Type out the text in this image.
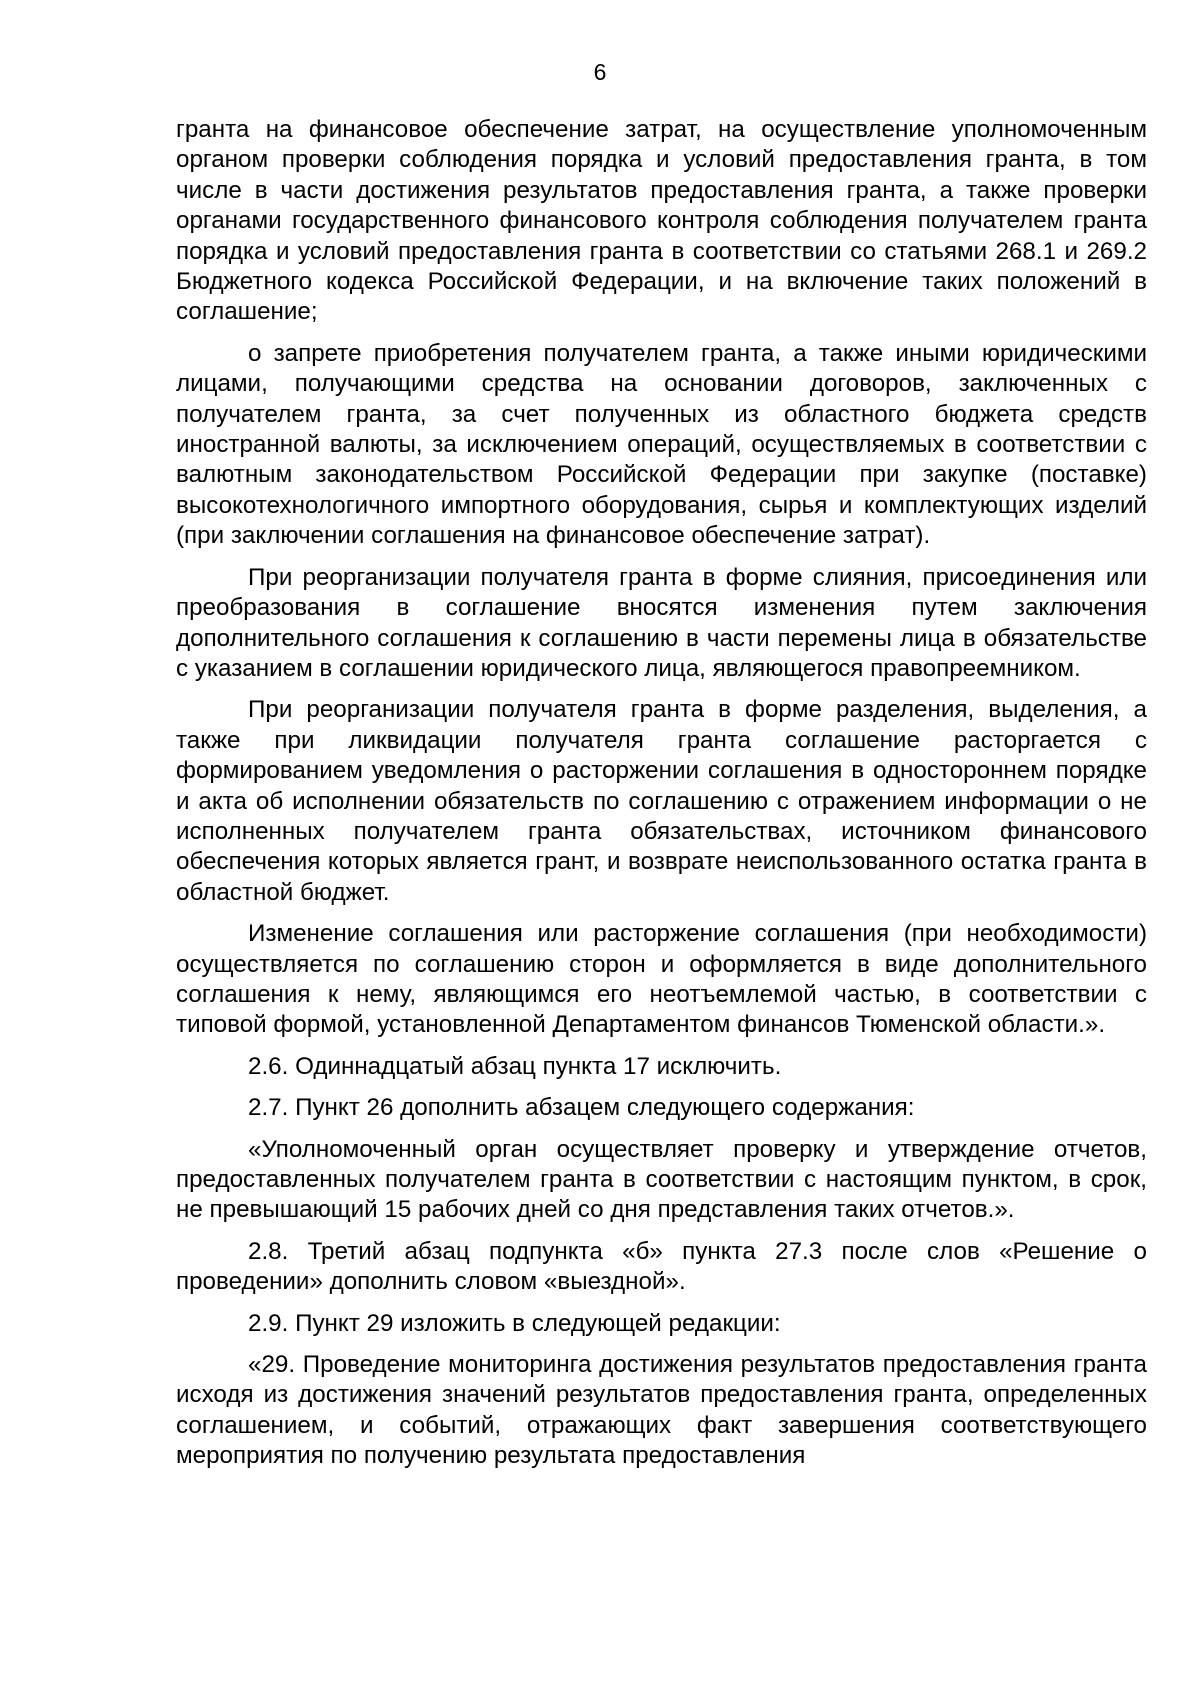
6

гранта на финансовое обеспечение затрат, на осуществление уполномоченным органом проверки соблюдения порядка и условий предоставления гранта, в том числе в части достижения результатов предоставления гранта, а также проверки органами государственного финансового контроля соблюдения получателем гранта порядка и условий предоставления гранта в соответствии со статьями 268.1 и 269.2 Бюджетного кодекса Российской Федерации, и на включение таких положений в соглашение;

о запрете приобретения получателем гранта, а также иными юридическими лицами, получающими средства на основании договоров, заключенных с получателем гранта, за счет полученных из областного бюджета средств иностранной валюты, за исключением операций, осуществляемых в соответствии с валютным законодательством Российской Федерации при закупке (поставке) высокотехнологичного импортного оборудования, сырья и комплектующих изделий (при заключении соглашения на финансовое обеспечение затрат).

При реорганизации получателя гранта в форме слияния, присоединения или преобразования в соглашение вносятся изменения путем заключения дополнительного соглашения к соглашению в части перемены лица в обязательстве с указанием в соглашении юридического лица, являющегося правопреемником.

При реорганизации получателя гранта в форме разделения, выделения, а также при ликвидации получателя гранта соглашение расторгается с формированием уведомления о расторжении соглашения в одностороннем порядке и акта об исполнении обязательств по соглашению с отражением информации о не исполненных получателем гранта обязательствах, источником финансового обеспечения которых является грант, и возврате неиспользованного остатка гранта в областной бюджет.

Изменение соглашения или расторжение соглашения (при необходимости) осуществляется по соглашению сторон и оформляется в виде дополнительного соглашения к нему, являющимся его неотъемлемой частью, в соответствии с типовой формой, установленной Департаментом финансов Тюменской области.».

2.6. Одиннадцатый абзац пункта 17 исключить.

2.7. Пункт 26 дополнить абзацем следующего содержания:

«Уполномоченный орган осуществляет проверку и утверждение отчетов, предоставленных получателем гранта в соответствии с настоящим пунктом, в срок, не превышающий 15 рабочих дней со дня представления таких отчетов.».

2.8. Третий абзац подпункта «б» пункта 27.3 после слов «Решение о проведении» дополнить словом «выездной».

2.9. Пункт 29 изложить в следующей редакции:

«29. Проведение мониторинга достижения результатов предоставления гранта исходя из достижения значений результатов предоставления гранта, определенных соглашением, и событий, отражающих факт завершения соответствующего мероприятия по получению результата предоставления
